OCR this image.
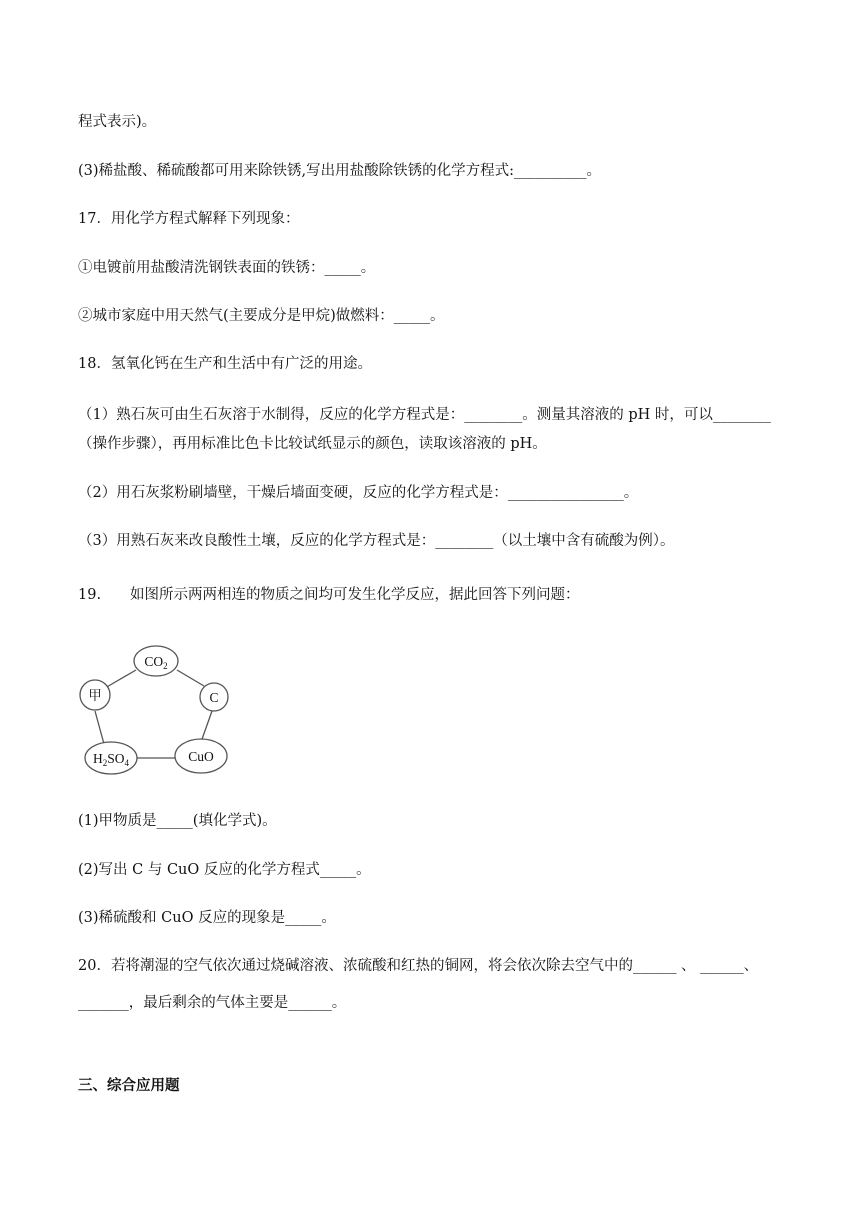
程式表示)。
(3)稀盐酸、稀硫酸都可用来除铁锈,写出用盐酸除铁锈的化学方程式:__________。
17．用化学方程式解释下列现象：
①电镀前用盐酸清洗钢铁表面的铁锈：_____。
②城市家庭中用天然气(主要成分是甲烷)做燃料：_____。
18．氢氧化钙在生产和生活中有广泛的用途。
（1）熟石灰可由生石灰溶于水制得，反应的化学方程式是：________。测量其溶液的 pH 时，可以________
（操作步骤），再用标准比色卡比较试纸显示的颜色，读取该溶液的 pH。
（2）用石灰浆粉刷墙壁，干燥后墙面变硬，反应的化学方程式是：________________。
（3）用熟石灰来改良酸性土壤，反应的化学方程式是：________（以土壤中含有硫酸为例）。
19.　　如图所示两两相连的物质之间均可发生化学反应，据此回答下列问题：
$CO_2$
甲	C
$H_2SO_4$	CuO
(1)甲物质是_____(填化学式)。
(2)写出 C 与 CuO 反应的化学方程式_____。
(3)稀硫酸和 CuO 反应的现象是_____。
20．若将潮湿的空气依次通过烧碱溶液、浓硫酸和红热的铜网，将会依次除去空气中的______ 、 ______、
_______，最后剩余的气体主要是______。
三、综合应用题
